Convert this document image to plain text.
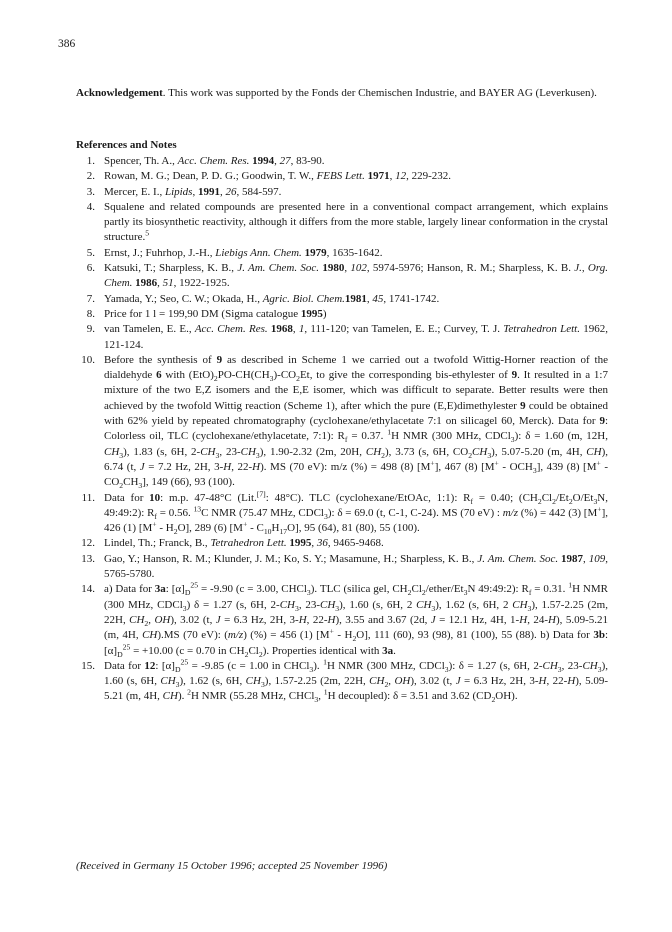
386
Acknowledgement. This work was supported by the Fonds der Chemischen Industrie, and BAYER AG (Leverkusen).
References and Notes
1 . Spencer, Th. A., Acc. Chem. Res. 1994, 27, 83-90.
2 . Rowan, M. G.; Dean, P. D. G.; Goodwin, T. W., FEBS Lett. 1971, 12, 229-232.
3 . Mercer, E. I., Lipids, 1991, 26, 584-597.
4 . Squalene and related compounds are presented here in a conventional compact arrangement, which explains partly its biosynthetic reactivity, although it differs from the more stable, largely linear conformation in the crystal structure.$^5$
5 . Ernst, J.; Fuhrhop, J.-H., Liebigs Ann. Chem. 1979, 1635-1642.
6 . Katsuki, T.; Sharpless, K. B., J. Am. Chem. Soc. 1980, 102, 5974-5976; Hanson, R. M.; Sharpless, K. B. J., Org. Chem. 1986, 51, 1922-1925.
7 . Yamada, Y.; Seo, C. W.; Okada, H., Agric. Biol. Chem.1981, 45, 1741-1742.
8 . Price for 1 l = 199,90 DM (Sigma catalogue 1995)
9 . van Tamelen, E. E., Acc. Chem. Res. 1968, 1, 111-120; van Tamelen, E. E.; Curvey, T. J. Tetrahedron Lett. 1962, 121-124.
10 . Before the synthesis of 9 as described in Scheme 1 we carried out a twofold Wittig-Horner reaction of the dialdehyde 6 with $(EtO)_2PO-CH(CH_3)-CO_2Et$, to give the corresponding bis-ethylester of 9. It resulted in a 1:7 mixture of the two E,Z isomers and the E,E isomer, which was difficult to separate. Better results were then achieved by the twofold Wittig reaction (Scheme 1), after which the pure (E,E)dimethylester 9 could be obtained with 62% yield by repeated chromatography (cyclohexane/ethylacetate 7:1 on silicagel 60, Merck). Data for 9: Colorless oil, TLC (cyclohexane/ethylacetate, 7:1): $R_f = 0.37$. $^1$H NMR (300 MHz, CDCl$_3$): δ = 1.60 (m, 12H, $CH_3$), 1.83 (s, 6H, $2-CH_3$, $23-CH_3$), 1.90-2.32 (2m, 20H, $CH_2$), 3.73 (s, 6H, $CO_2CH_3$), 5.07-5.20 (m, 4H, CH), 6.74 (t, J = 7.2 Hz, 2H, 3-H, 22-H). MS (70 eV): m/z (%) = 498 (8) [M+], 467 (8) $[M^+ - OCH_3]$, 439 (8) $[M^+ - CO_2CH_3]$, 149 (66), 93 (100).
11 . Data for 10: m.p. 47-48°C (Lit.[7]: 48°C). TLC (cyclohexane/EtOAc, 1:1): $R_f = 0.40$; ($CH_2Cl_2/Et_2O/Et_3N$, 49:49:2): $R_f = 0.56$. $^{13}$C NMR (75.47 MHz, CDCl$_3$): δ = 69.0 (t, C-1, C-24). MS (70 eV) : m/z (%) = 442 (3) [M+], 426 (1) $[M^+ - H_2O]$, 289 (6) $[M^+ - C_{10}H_{17}O]$, 95 (64), 81 (80), 55 (100).
12 . Lindel, Th.; Franck, B., Tetrahedron Lett. 1995, 36, 9465-9468.
13 . Gao, Y.; Hanson, R. M.; Klunder, J. M.; Ko, S. Y.; Masamune, H.; Sharpless, K. B., J. Am. Chem. Soc. 1987, 109, 5765-5780.
14 . a) Data for 3a: $[\alpha]_D^{25} = -9.90$ (c = 3.00, CHCl$_3$). TLC (silica gel, $CH_2Cl_2/ether/Et_3N$ 49:49:2): $R_f = 0.31$. $^1$H NMR (300 MHz, CDCl$_3$) δ = 1.27 (s, 6H, $2-CH_3$, $23-CH_3$), 1.60 (s, 6H, 2 $CH_3$), 1.62 (s, 6H, 2 $CH_3$), 1.57-2.25 (2m, 22H, $CH_2$, OH), 3.02 (t, J = 6.3 Hz, 2H, 3-H, 22-H), 3.55 and 3.67 (2d, J = 12.1 Hz, 4H, 1-H, 24-H), 5.09-5.21 (m, 4H, CH).MS (70 eV): (m/z) (%) = 456 (1) $[M^+ - H_2O]$, 111 (60), 93 (98), 81 (100), 55 (88). b) Data for 3b: $[\alpha]_D^{25} = +10.00$ (c = 0.70 in $CH_2Cl_2$). Properties identical with 3a.
15 . Data for 12: $[\alpha]_D^{25} = -9.85$ (c = 1.00 in CHCl$_3$). $^1$H NMR (300 MHz, CDCl$_3$): δ = 1.27 (s, 6H, $2-CH_3$, $23-CH_3$), 1.60 (s, 6H, $CH_3$), 1.62 (s, 6H, $CH_3$), 1.57-2.25 (2m, 22H, $CH_2$, OH), 3.02 (t, J = 6.3 Hz, 2H, 3-H, 22-H), 5.09-5.21 (m, 4H, CH). $^2$H NMR (55.28 MHz, CHCl$_3$, $^1$H decoupled): δ = 3.51 and 3.62 $(CD_2OH)$.
(Received in Germany 15 October 1996; accepted 25 November 1996)
